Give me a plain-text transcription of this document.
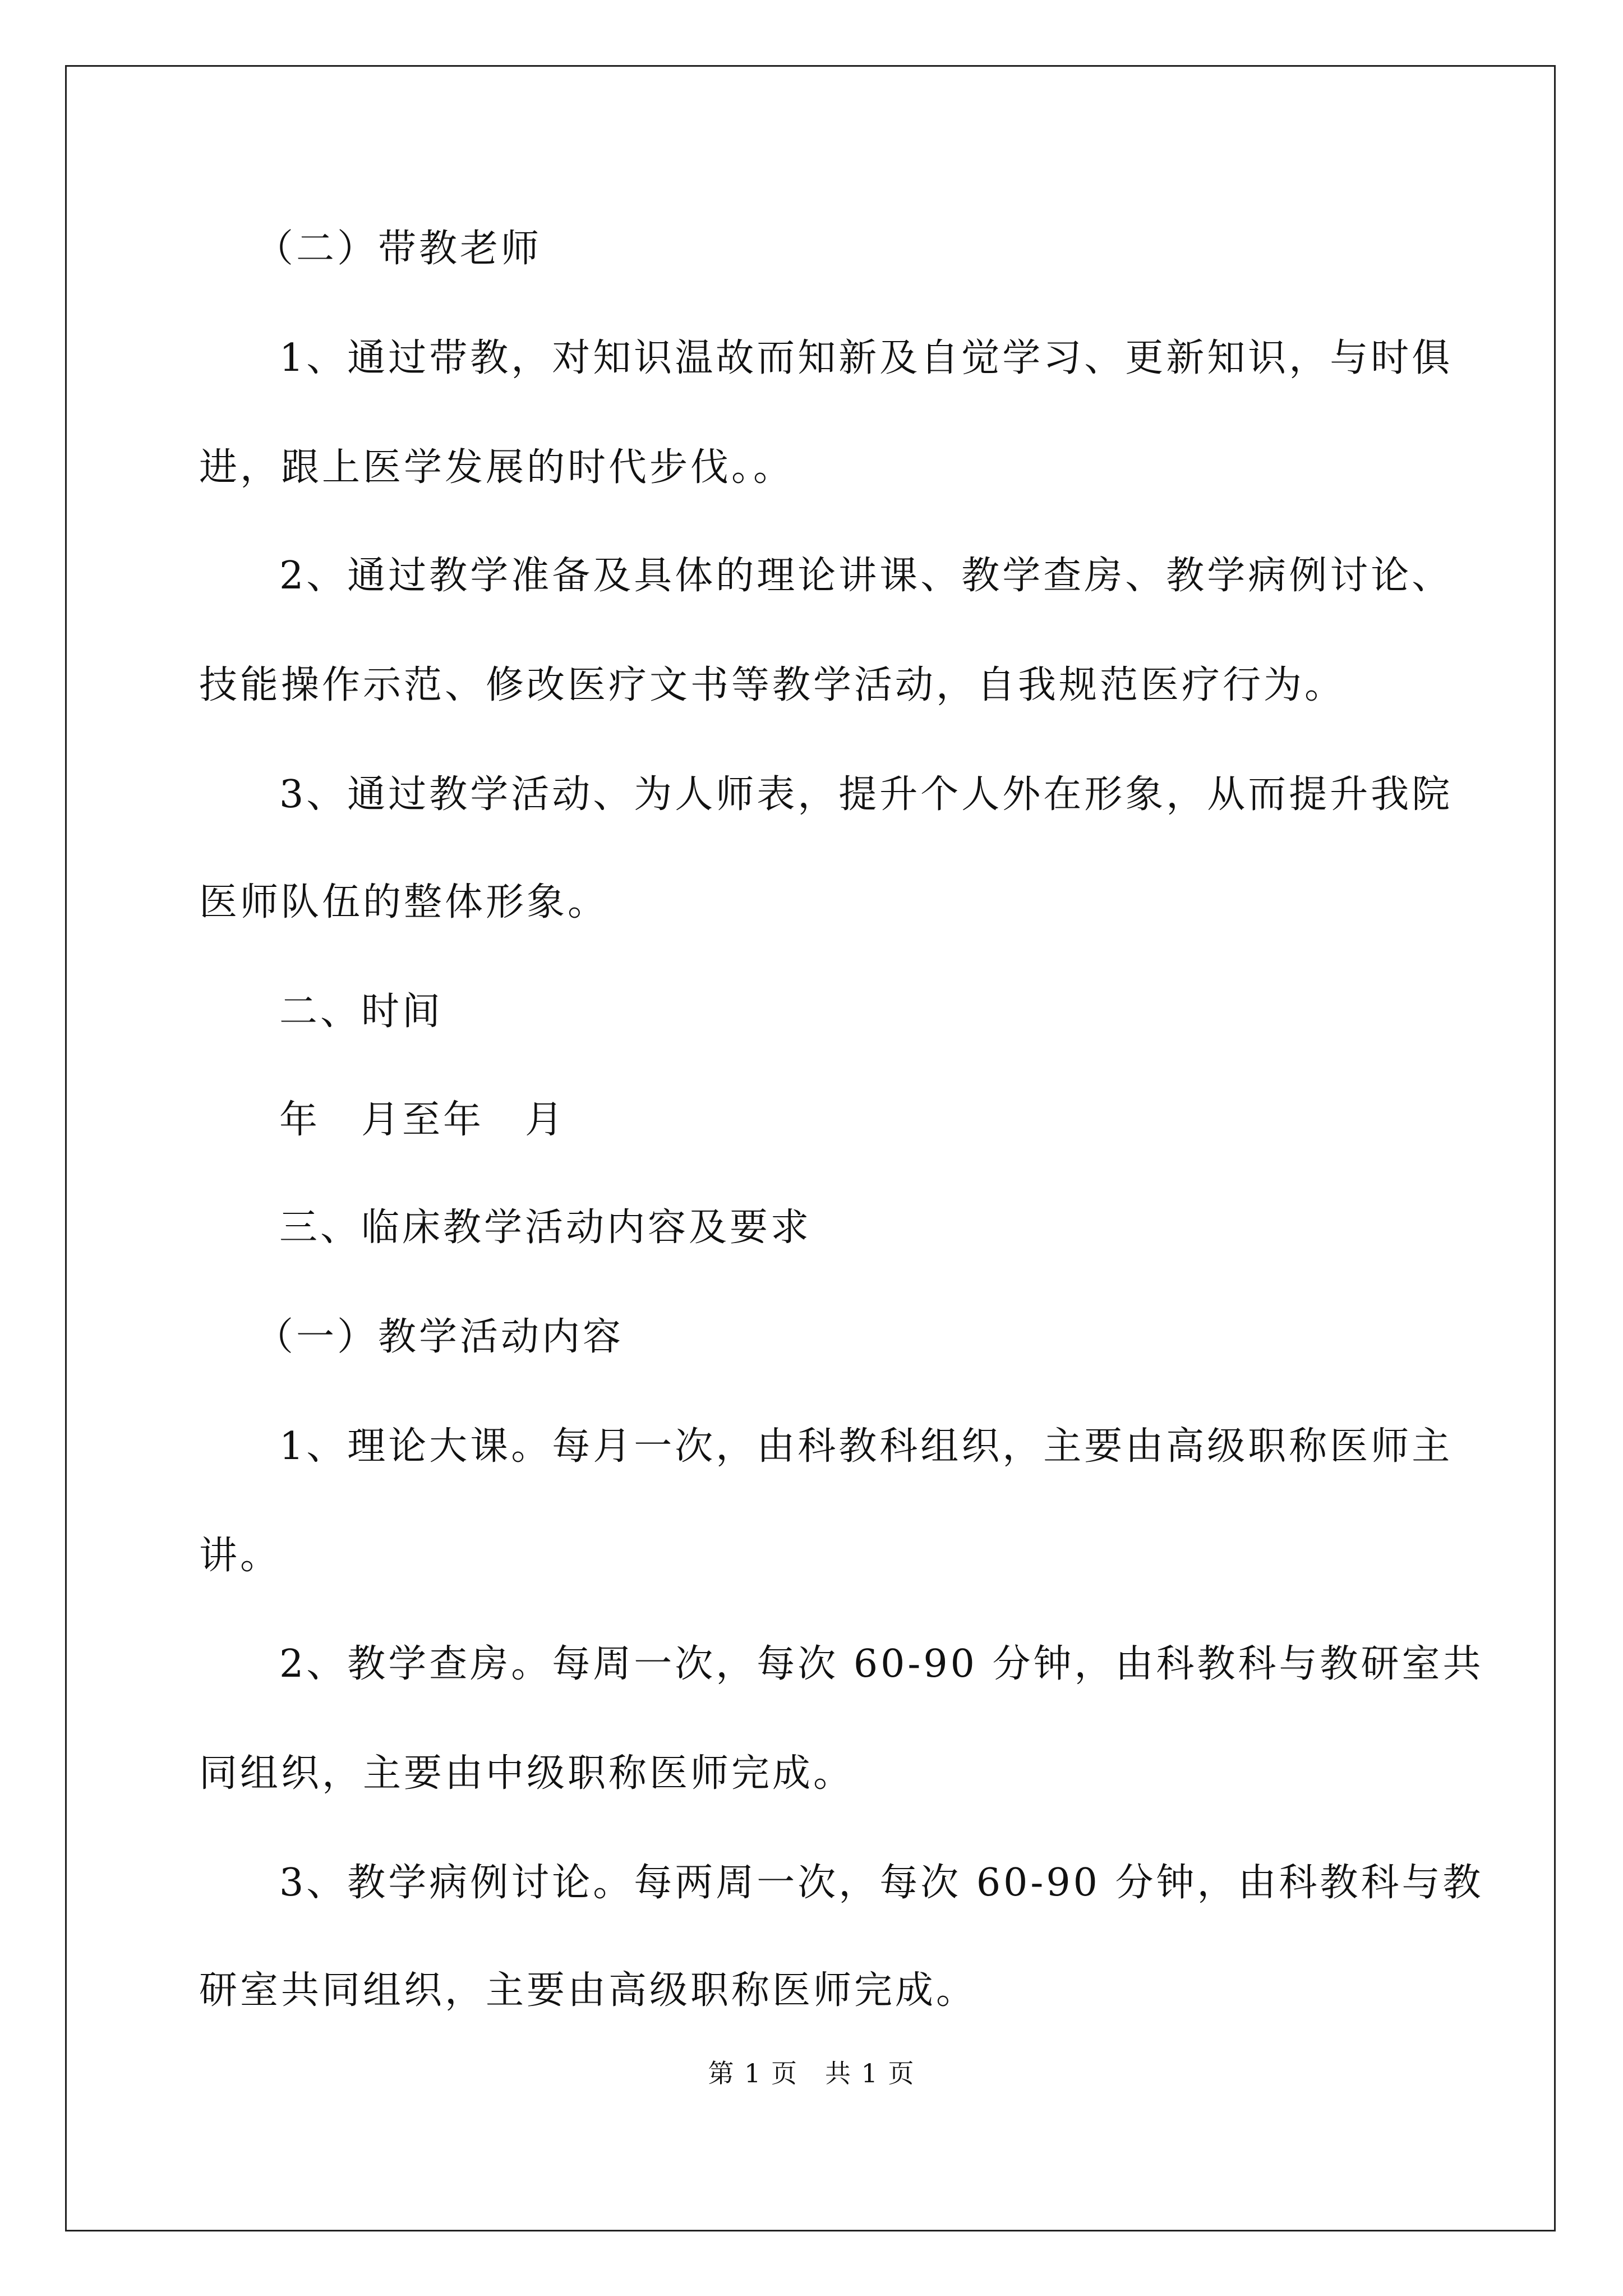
（二）带教老师
1、通过带教，对知识温故而知新及自觉学习、更新知识，与时俱
进，跟上医学发展的时代步伐。。
2、通过教学准备及具体的理论讲课、教学查房、教学病例讨论、
技能操作示范、修改医疗文书等教学活动，自我规范医疗行为。
3、通过教学活动、为人师表，提升个人外在形象，从而提升我院
医师队伍的整体形象。
二、时间
年　月至年　月
三、临床教学活动内容及要求
（一）教学活动内容
1、理论大课。每月一次，由科教科组织，主要由高级职称医师主
讲。
2、教学查房。每周一次，每次 60-90 分钟，由科教科与教研室共
同组织，主要由中级职称医师完成。
3、教学病例讨论。每两周一次，每次 60-90 分钟，由科教科与教
研室共同组织，主要由高级职称医师完成。
第 1 页　共 1 页
